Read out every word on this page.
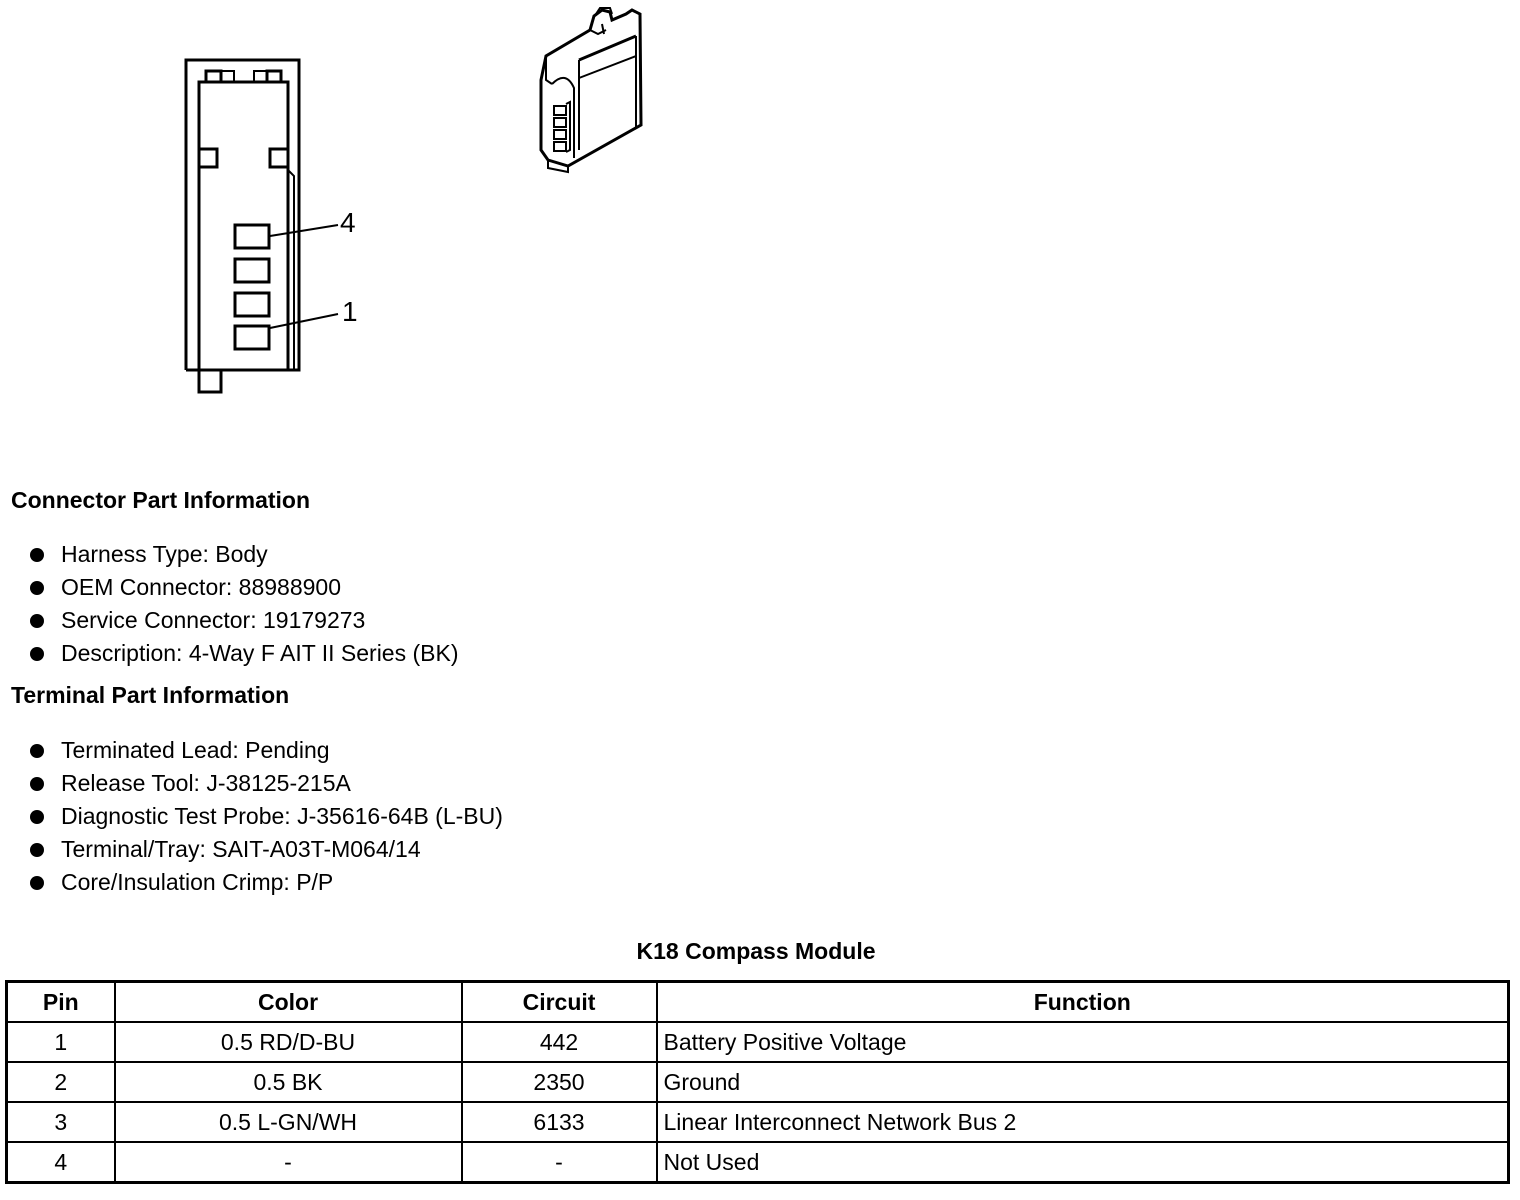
4
1
Connector Part Information
Harness Type: Body
OEM Connector: 88988900
Service Connector: 19179273
Description: 4-Way F AIT II Series (BK)
Terminal Part Information
Terminated Lead: Pending
Release Tool: J-38125-215A
Diagnostic Test Probe: J-35616-64B (L-BU)
Terminal/Tray: SAIT-A03T-M064/14
Core/Insulation Crimp: P/P
K18 Compass Module
Pin	Color	Circuit	Function
1	0.5 RD/D-BU	442	Battery Positive Voltage
2	0.5 BK	2350	Ground
3	0.5 L-GN/WH	6133	Linear Interconnect Network Bus 2
4	-	-	Not Used
